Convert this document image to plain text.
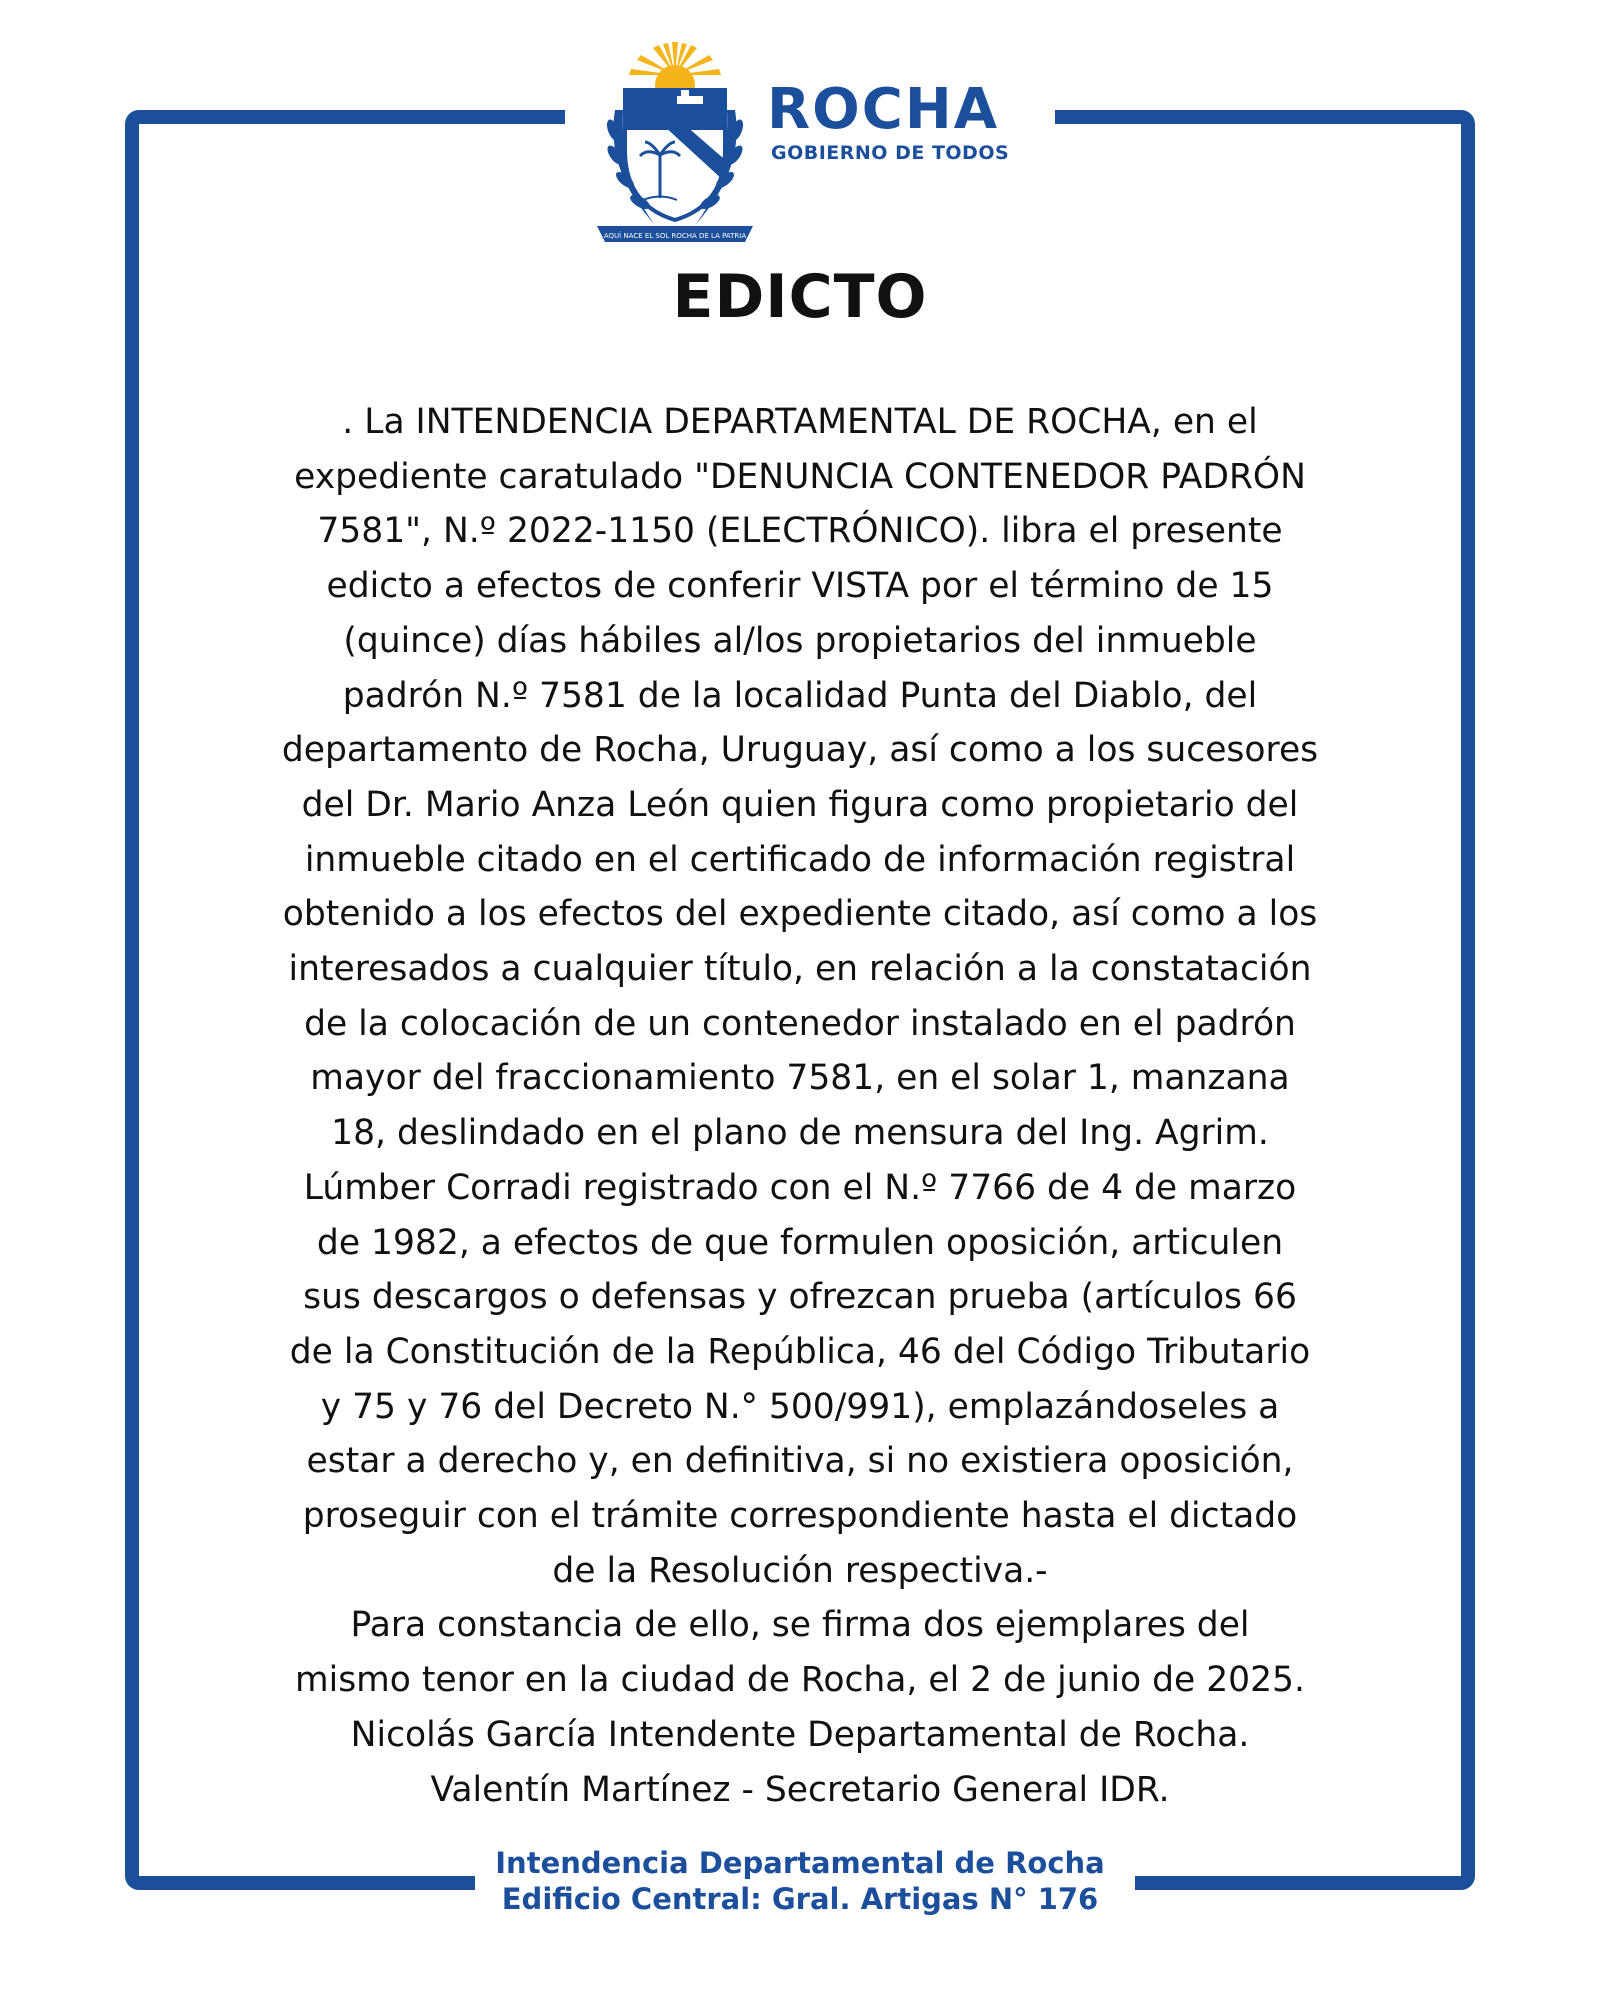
AQUÍ NACE EL SOL ROCHA DE LA PATRIA
ROCHA
GOBIERNO DE TODOS
EDICTO
. La INTENDENCIA DEPARTAMENTAL DE ROCHA, en el
expediente caratulado "DENUNCIA CONTENEDOR PADRÓN
7581", N.º 2022-1150 (ELECTRÓNICO). libra el presente
edicto a efectos de conferir VISTA por el término de 15
(quince) días hábiles al/los propietarios del inmueble
padrón N.º 7581 de la localidad Punta del Diablo, del
departamento de Rocha, Uruguay, así como a los sucesores
del Dr. Mario Anza León quien figura como propietario del
inmueble citado en el certificado de información registral
obtenido a los efectos del expediente citado, así como a los
interesados a cualquier título, en relación a la constatación
de la colocación de un contenedor instalado en el padrón
mayor del fraccionamiento 7581, en el solar 1, manzana
18, deslindado en el plano de mensura del Ing. Agrim.
Lúmber Corradi registrado con el N.º 7766 de 4 de marzo
de 1982, a efectos de que formulen oposición, articulen
sus descargos o defensas y ofrezcan prueba (artículos 66
de la Constitución de la República, 46 del Código Tributario
y 75 y 76 del Decreto N.° 500/991), emplazándoseles a
estar a derecho y, en definitiva, si no existiera oposición,
proseguir con el trámite correspondiente hasta el dictado
de la Resolución respectiva.-
Para constancia de ello, se firma dos ejemplares del
mismo tenor en la ciudad de Rocha, el 2 de junio de 2025.
Nicolás García Intendente Departamental de Rocha.
Valentín Martínez - Secretario General IDR.
Intendencia Departamental de Rocha
Edificio Central: Gral. Artigas N° 176
